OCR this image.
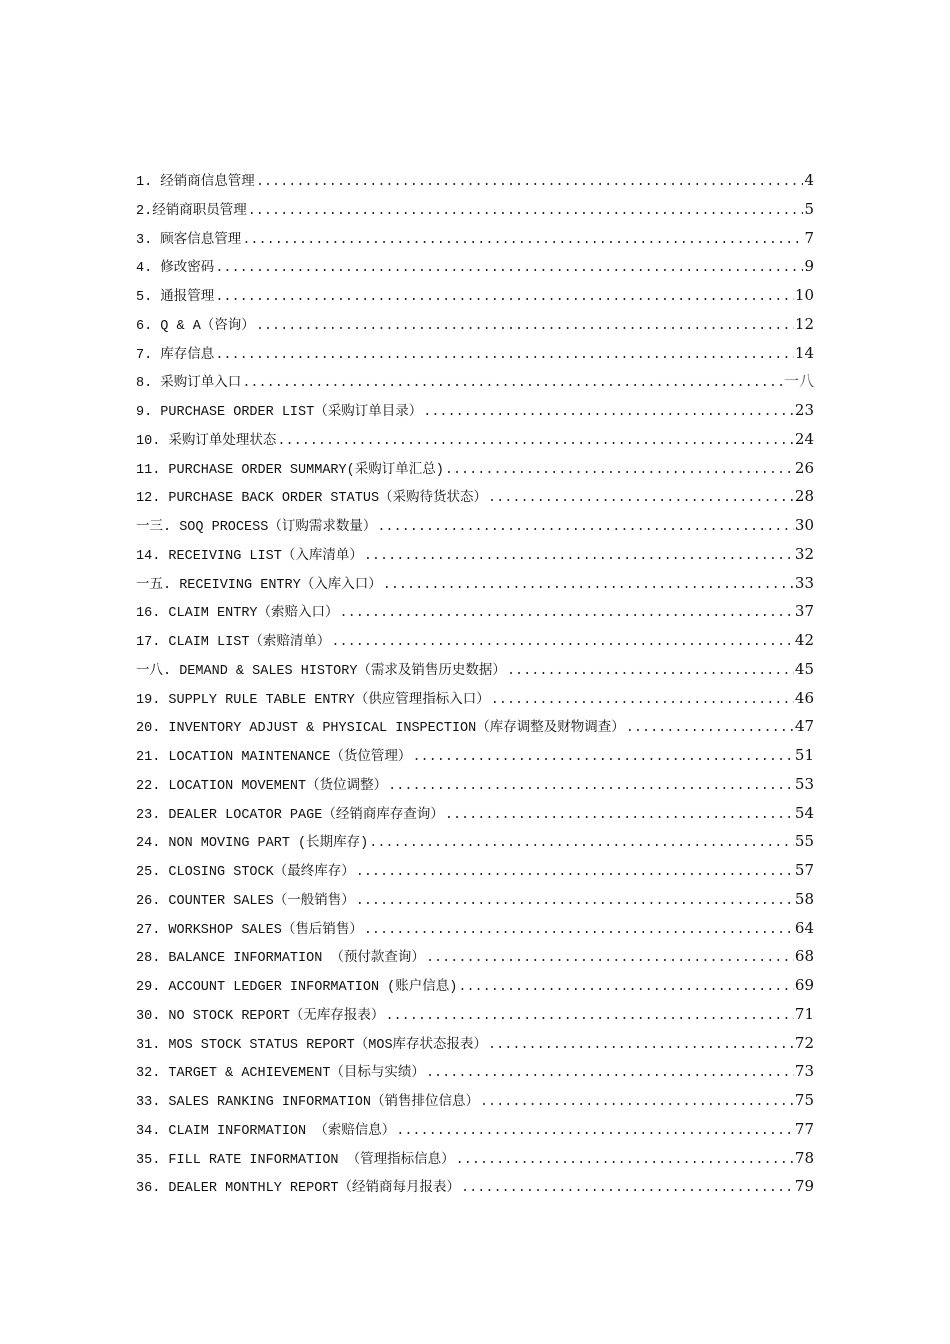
1. 经销商信息管理 .....	4
2.经销商职员管理 .....	5
3. 顾客信息管理 .....	7
4. 修改密码 .....	9
5. 通报管理 .....	10
6. Q & A（咨询） .....	12
7. 库存信息 .....	14
8. 采购订单入口 .....	一八
9. PURCHASE ORDER LIST（采购订单目录） .....	23
10. 采购订单处理状态 .....	24
11. PURCHASE ORDER SUMMARY(采购订单汇总) .....	26
12. PURCHASE BACK ORDER STATUS（采购待货状态） .....	28
一三. SOQ PROCESS（订购需求数量） .....	30
14. RECEIVING LIST（入库清单） .....	32
一五. RECEIVING ENTRY（入库入口） .....	33
16. CLAIM ENTRY（索赔入口） .....	37
17. CLAIM LIST（索赔清单） .....	42
一八. DEMAND & SALES HISTORY（需求及销售历史数据） .....	45
19. SUPPLY RULE TABLE ENTRY（供应管理指标入口） .....	46
20. INVENTORY ADJUST & PHYSICAL INSPECTION（库存调整及财物调查） .....	47
21. LOCATION MAINTENANCE（货位管理） .....	51
22. LOCATION MOVEMENT（货位调整） .....	53
23. DEALER LOCATOR PAGE（经销商库存查询） .....	54
24. NON MOVING PART (长期库存) .....	55
25. CLOSING STOCK（最终库存） .....	57
26. COUNTER SALES（一般销售） .....	58
27. WORKSHOP SALES（售后销售） .....	64
28. BALANCE INFORMATION （预付款查询） .....	68
29. ACCOUNT LEDGER INFORMATION (账户信息) .....	69
30. NO STOCK REPORT（无库存报表） .....	71
31. MOS STOCK STATUS REPORT（MOS库存状态报表） .....	72
32. TARGET & ACHIEVEMENT（目标与实绩） .....	73
33. SALES RANKING INFORMATION（销售排位信息） .....	75
34. CLAIM INFORMATION （索赔信息） .....	77
35. FILL RATE INFORMATION （管理指标信息） .....	78
36. DEALER MONTHLY REPORT（经销商每月报表） .....	79
